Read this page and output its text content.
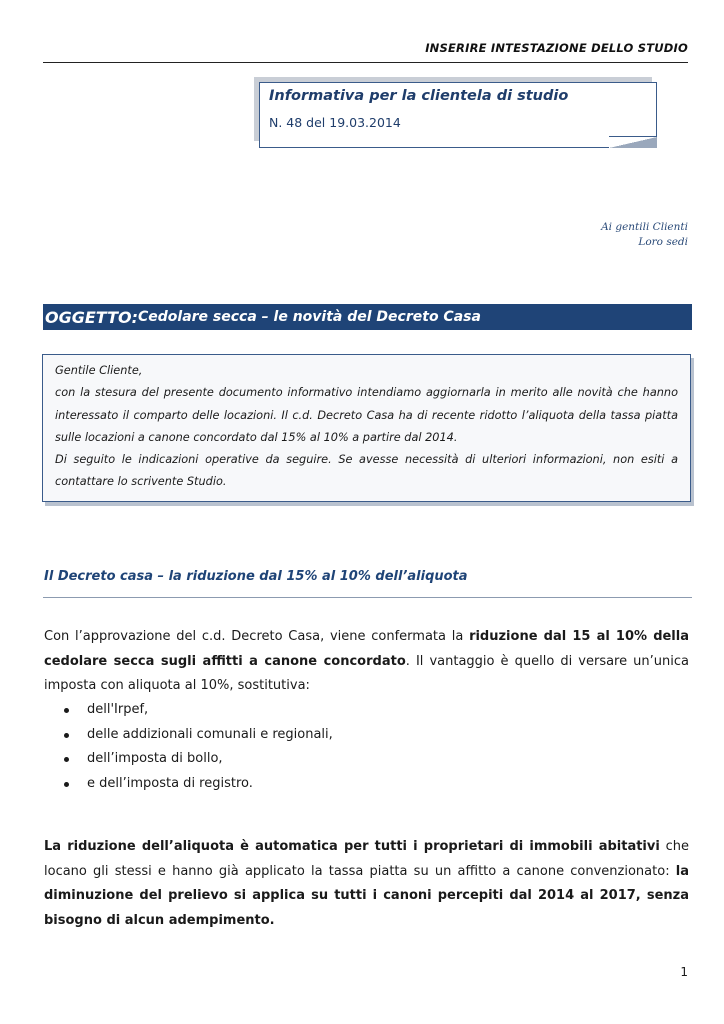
INSERIRE INTESTAZIONE DELLO STUDIO
Informativa per la clientela di studio
N. 48 del 19.03.2014
Ai gentili Clienti
Loro sedi
OGGETTO: Cedolare secca – le novità del Decreto Casa

Gentile Cliente,

con la stesura del presente documento informativo intendiamo aggiornarla in merito alle novità che hanno interessato il comparto delle locazioni. Il c.d. Decreto Casa ha di recente ridotto l’aliquota della tassa piatta sulle locazioni a canone concordato dal 15% al 10% a partire dal 2014.

Di seguito le indicazioni operative da seguire. Se avesse necessità di ulteriori informazioni, non esiti a contattare lo scrivente Studio.

Il Decreto casa – la riduzione dal 15% al 10% dell’aliquota
Con l’approvazione del c.d. Decreto Casa, viene confermata la riduzione dal 15 al 10% della cedolare secca sugli affitti a canone concordato. Il vantaggio è quello di versare un’unica imposta con aliquota al 10%, sostitutiva:
dell'Irpef,
delle addizionali comunali e regionali,
dell’imposta di bollo,
e dell’imposta di registro.
La riduzione dell’aliquota è automatica per tutti i proprietari di immobili abitativi che locano gli stessi e hanno già applicato la tassa piatta su un affitto a canone convenzionato: la diminuzione del prelievo si applica su tutti i canoni percepiti dal 2014 al 2017, senza bisogno di alcun adempimento.
1
